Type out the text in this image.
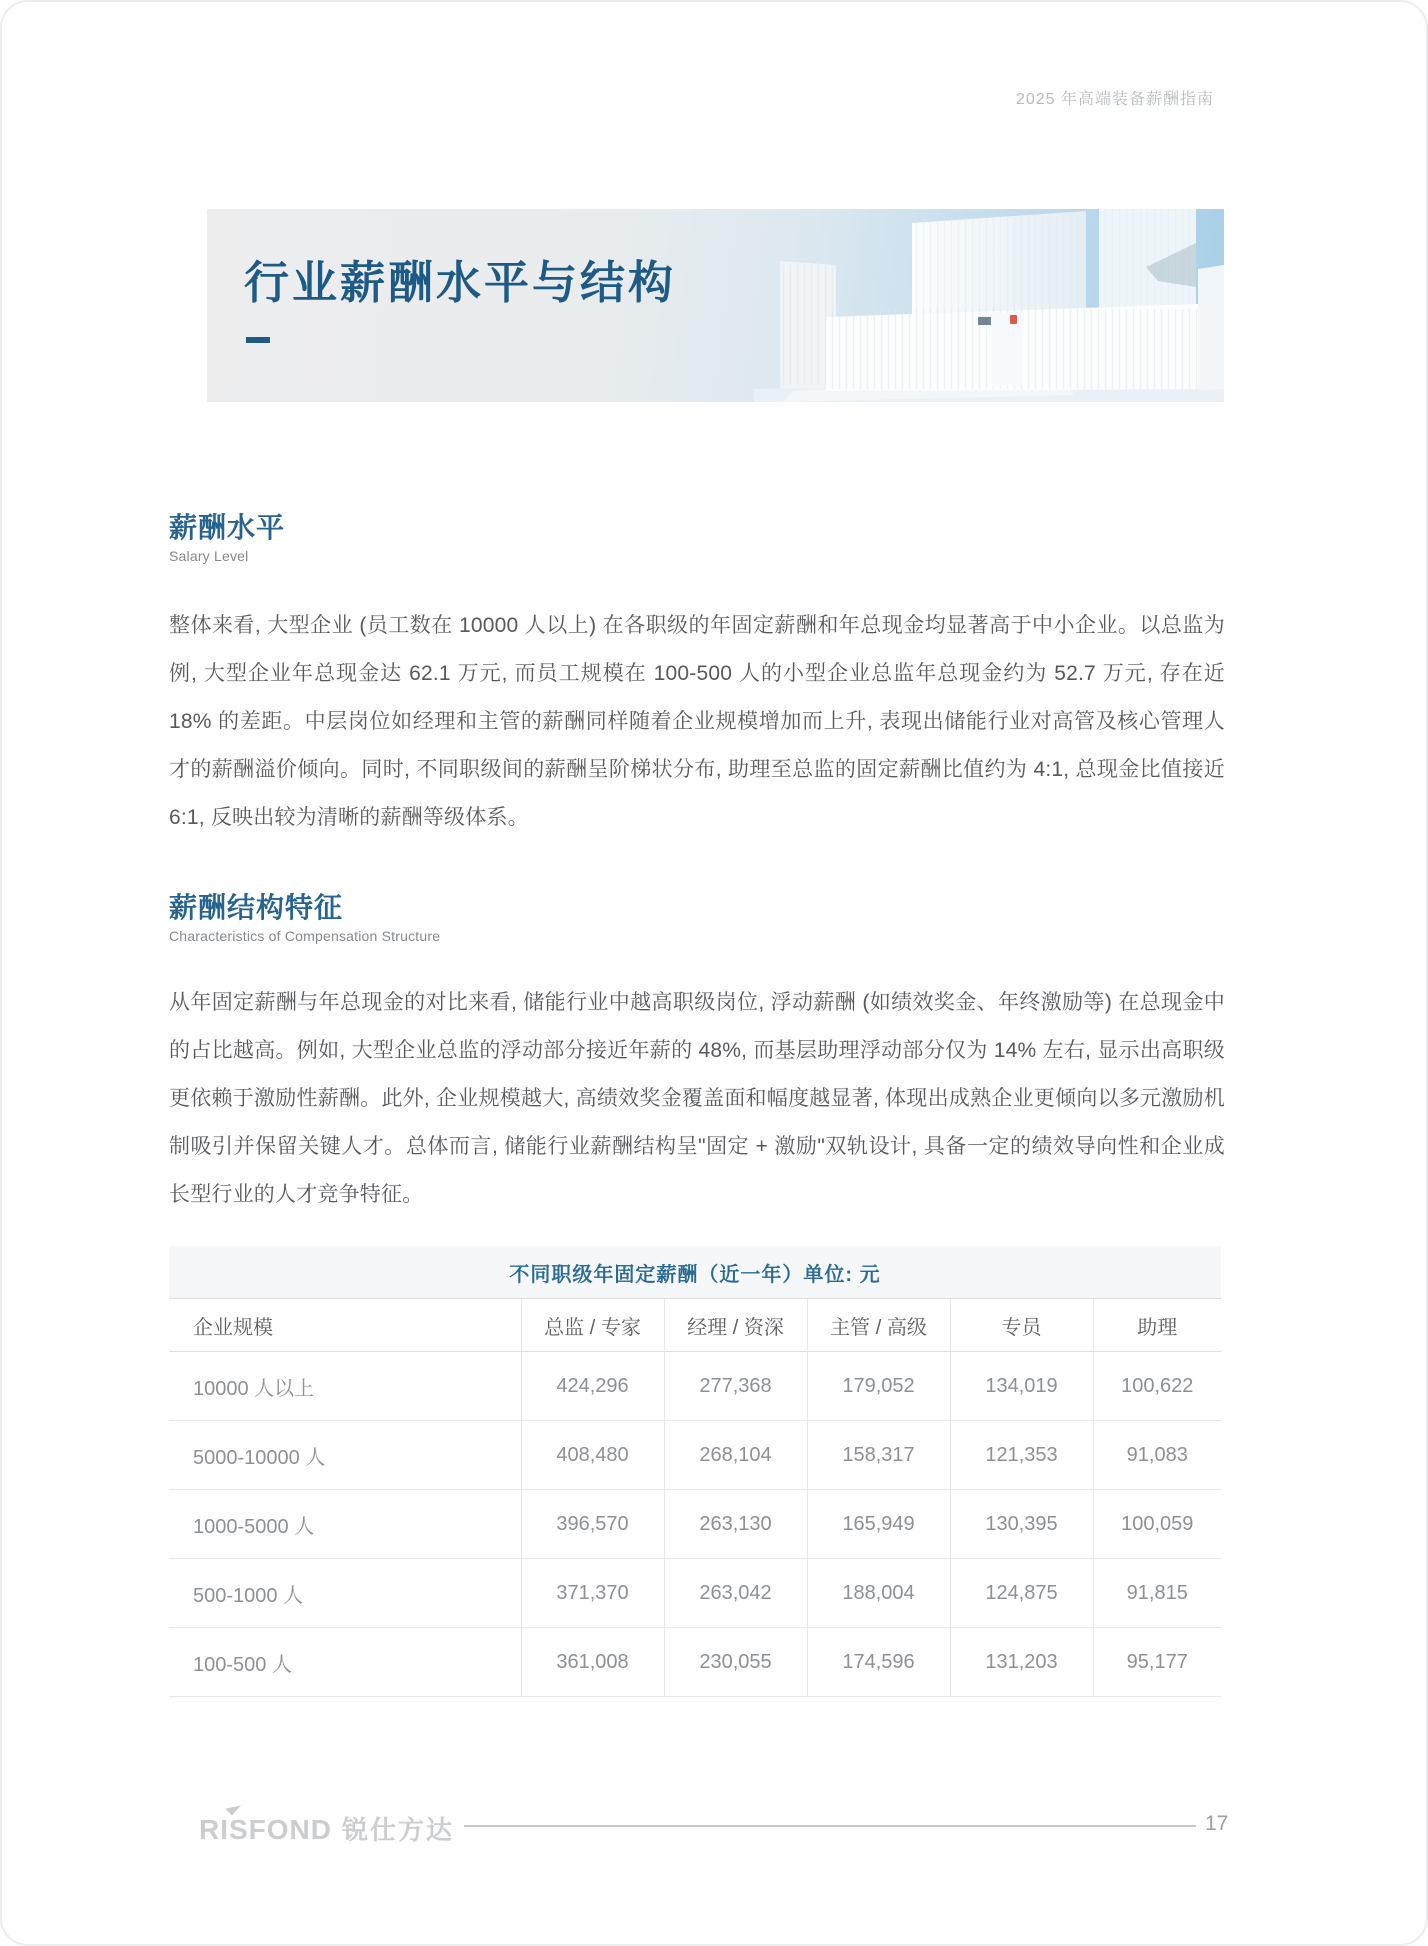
2025 年高端装备薪酬指南
行业薪酬水平与结构
薪酬水平

Salary Level

整体来看, 大型企业 (员工数在 10000 人以上) 在各职级的年固定薪酬和年总现金均显著高于中小企业。以总监为例, 大型企业年总现金达 62.1 万元, 而员工规模在 100-500 人的小型企业总监年总现金约为 52.7 万元, 存在近 18% 的差距。中层岗位如经理和主管的薪酬同样随着企业规模增加而上升, 表现出储能行业对高管及核心管理人才的薪酬溢价倾向。同时, 不同职级间的薪酬呈阶梯状分布, 助理至总监的固定薪酬比值约为 4:1, 总现金比值接近 6:1, 反映出较为清晰的薪酬等级体系。

薪酬结构特征

Characteristics of Compensation Structure

从年固定薪酬与年总现金的对比来看, 储能行业中越高职级岗位, 浮动薪酬 (如绩效奖金、年终激励等) 在总现金中的占比越高。例如, 大型企业总监的浮动部分接近年薪的 48%, 而基层助理浮动部分仅为 14% 左右, 显示出高职级更依赖于激励性薪酬。此外, 企业规模越大, 高绩效奖金覆盖面和幅度越显著, 体现出成熟企业更倾向以多元激励机制吸引并保留关键人才。总体而言, 储能行业薪酬结构呈"固定 + 激励"双轨设计, 具备一定的绩效导向性和企业成长型行业的人才竞争特征。

不同职级年固定薪酬（近一年）单位: 元					
企业规模	总监 / 专家	经理 / 资深	主管 / 高级	专员	助理
10000 人以上	424,296	277,368	179,052	134,019	100,622
5000-10000 人	408,480	268,104	158,317	121,353	91,083
1000-5000 人	396,570	263,130	165,949	130,395	100,059
500-1000 人	371,370	263,042	188,004	124,875	91,815
100-500 人	361,008	230,055	174,596	131,203	95,177
RISFOND 锐仕方达	17
